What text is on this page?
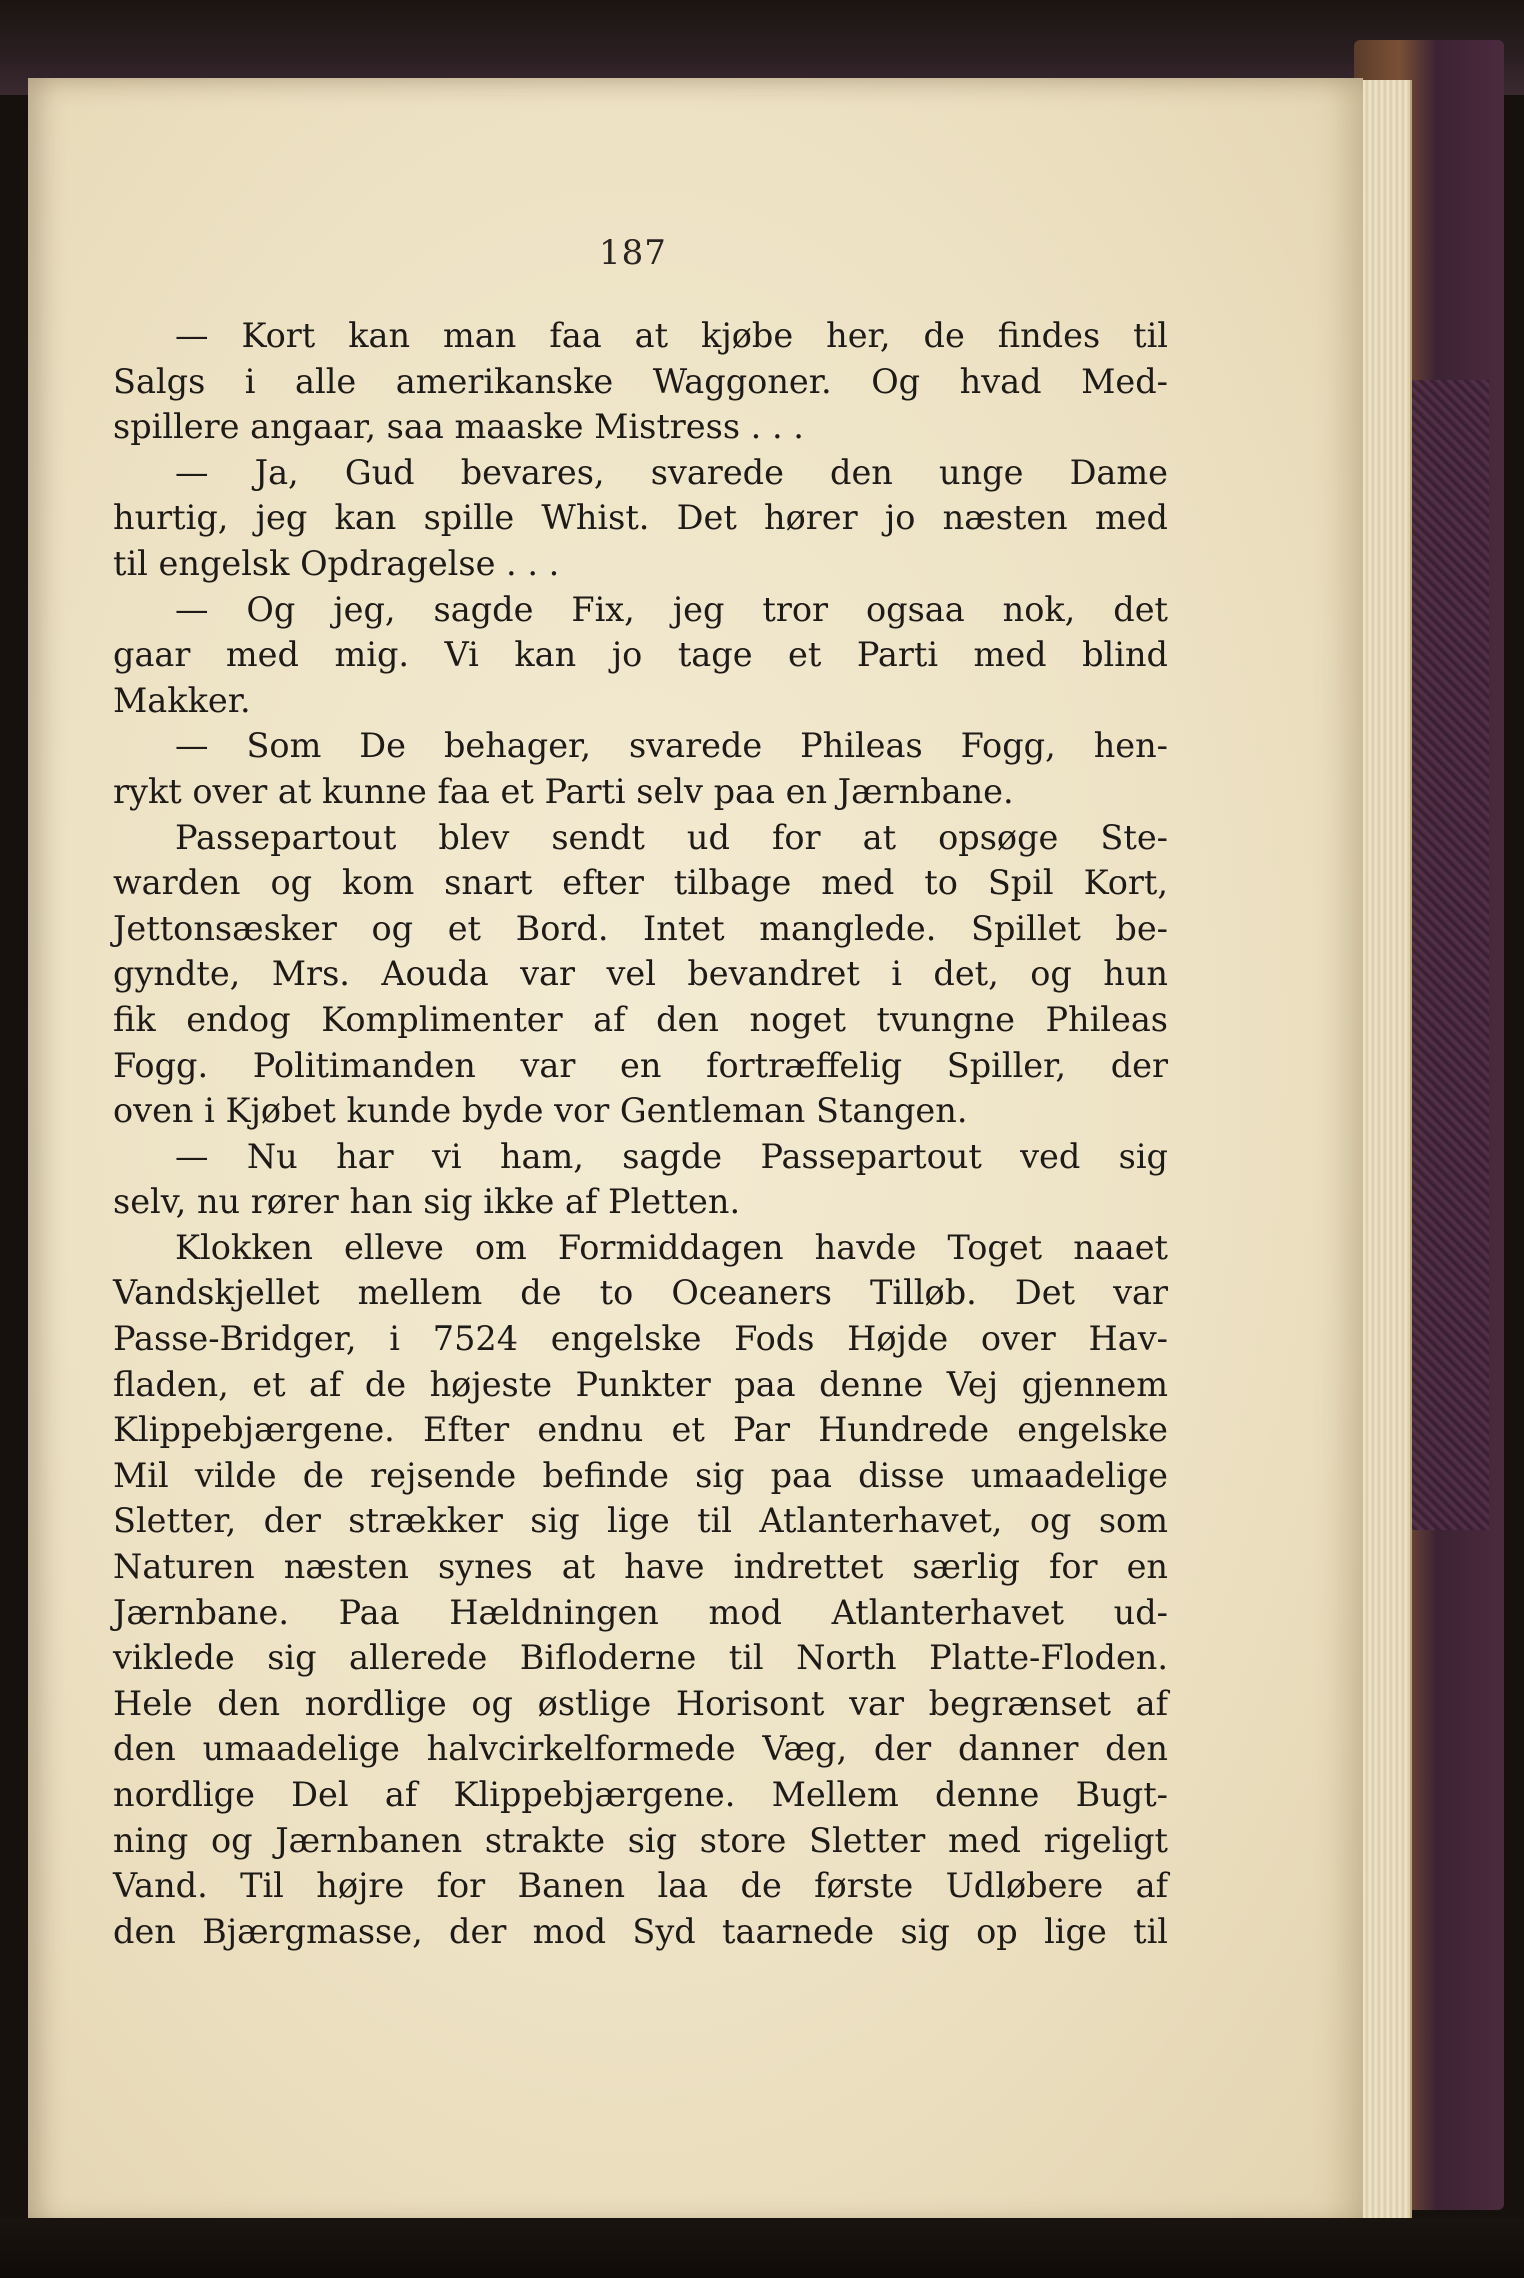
187
— Kort kan man faa at kjøbe her, de findes til
Salgs i alle amerikanske Waggoner. Og hvad Med-
spillere angaar, saa maaske Mistress . . .
— Ja, Gud bevares, svarede den unge Dame
hurtig, jeg kan spille Whist. Det hører jo næsten med
til engelsk Opdragelse . . .
— Og jeg, sagde Fix, jeg tror ogsaa nok, det
gaar med mig. Vi kan jo tage et Parti med blind
Makker.
— Som De behager, svarede Phileas Fogg, hen-
rykt over at kunne faa et Parti selv paa en Jærnbane.
Passepartout blev sendt ud for at opsøge Ste-
warden og kom snart efter tilbage med to Spil Kort,
Jettonsæsker og et Bord. Intet manglede. Spillet be-
gyndte, Mrs. Aouda var vel bevandret i det, og hun
fik endog Komplimenter af den noget tvungne Phileas
Fogg. Politimanden var en fortræffelig Spiller, der
oven i Kjøbet kunde byde vor Gentleman Stangen.
— Nu har vi ham, sagde Passepartout ved sig
selv, nu rører han sig ikke af Pletten.
Klokken elleve om Formiddagen havde Toget naaet
Vandskjellet mellem de to Oceaners Tilløb. Det var
Passe-Bridger, i 7524 engelske Fods Højde over Hav-
fladen, et af de højeste Punkter paa denne Vej gjennem
Klippebjærgene. Efter endnu et Par Hundrede engelske
Mil vilde de rejsende befinde sig paa disse umaadelige
Sletter, der strækker sig lige til Atlanterhavet, og som
Naturen næsten synes at have indrettet særlig for en
Jærnbane. Paa Hældningen mod Atlanterhavet ud-
viklede sig allerede Bifloderne til North Platte-Floden.
Hele den nordlige og østlige Horisont var begrænset af
den umaadelige halvcirkelformede Væg, der danner den
nordlige Del af Klippebjærgene. Mellem denne Bugt-
ning og Jærnbanen strakte sig store Sletter med rigeligt
Vand. Til højre for Banen laa de første Udløbere af
den Bjærgmasse, der mod Syd taarnede sig op lige til
